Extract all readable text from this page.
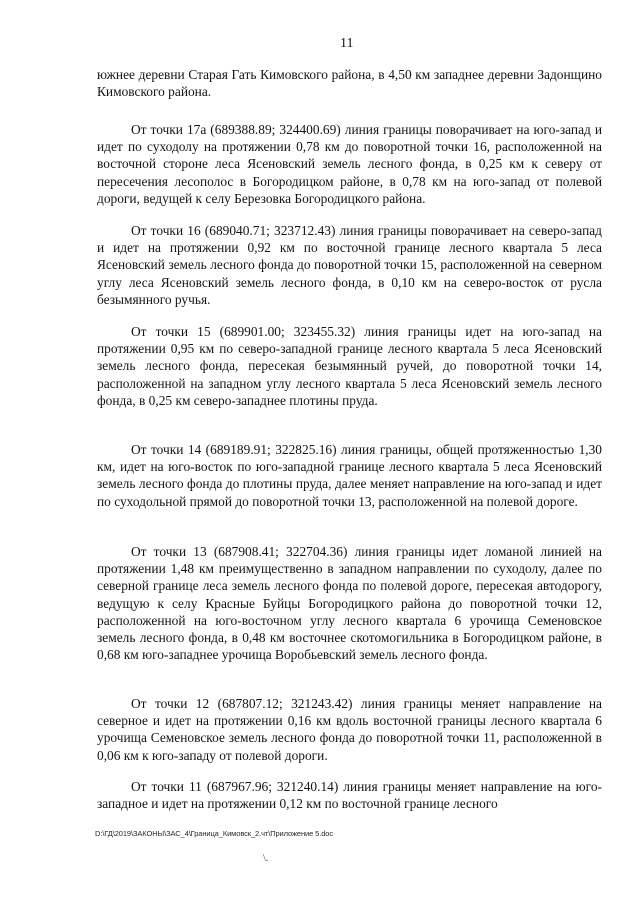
11

южнее деревни Старая Гать Кимовского района, в 4,50 км западнее деревни Задонщино Кимовского района.

От точки 17а (689388.89; 324400.69) линия границы поворачивает на юго-запад и идет по суходолу на протяжении 0,78 км до поворотной точки 16, расположенной на восточной стороне леса Ясеновский земель лесного фонда, в 0,25 км к северу от пересечения лесополос в Богородицком районе, в 0,78 км на юго-запад от полевой дороги, ведущей к селу Березовка Богородицкого района.

От точки 16 (689040.71; 323712.43) линия границы поворачивает на северо-запад и идет на протяжении 0,92 км по восточной границе лесного квартала 5 леса Ясеновский земель лесного фонда до поворотной точки 15, расположенной на северном углу леса Ясеновский земель лесного фонда, в 0,10 км на северо-восток от русла безымянного ручья.

От точки 15 (689901.00; 323455.32) линия границы идет на юго-запад на протяжении 0,95 км по северо-западной границе лесного квартала 5 леса Ясеновский земель лесного фонда, пересекая безымянный ручей, до поворотной точки 14, расположенной на западном углу лесного квартала 5 леса Ясеновский земель лесного фонда, в 0,25 км северо-западнее плотины пруда.

От точки 14 (689189.91; 322825.16) линия границы, общей протяженностью 1,30 км, идет на юго-восток по юго-западной границе лесного квартала 5 леса Ясеновский земель лесного фонда до плотины пруда, далее меняет направление на юго-запад и идет по суходольной прямой до поворотной точки 13, расположенной на полевой дороге.

От точки 13 (687908.41; 322704.36) линия границы идет ломаной линией на протяжении 1,48 км преимущественно в западном направлении по суходолу, далее по северной границе леса земель лесного фонда по полевой дороге, пересекая автодорогу, ведущую к селу Красные Буйцы Богородицкого района до поворотной точки 12, расположенной на юго-восточном углу лесного квартала 6 урочища Семеновское земель лесного фонда, в 0,48 км восточнее скотомогильника в Богородицком районе, в 0,68 км юго-западнее урочища Воробьевский земель лесного фонда.

От точки 12 (687807.12; 321243.42) линия границы меняет направление на северное и идет на протяжении 0,16 км вдоль восточной границы лесного квартала 6 урочища Семеновское земель лесного фонда до поворотной точки 11, расположенной в 0,06 км к юго-западу от полевой дороги.

От точки 11 (687967.96; 321240.14) линия границы меняет направление на юго-западное и идет на протяжении 0,12 км по восточной границе лесного

D:\ГД\2019\ЗАКОНЫ\ЗАС_4\Граница_Кимовск_2.чт\Приложение 5.doc
\.
